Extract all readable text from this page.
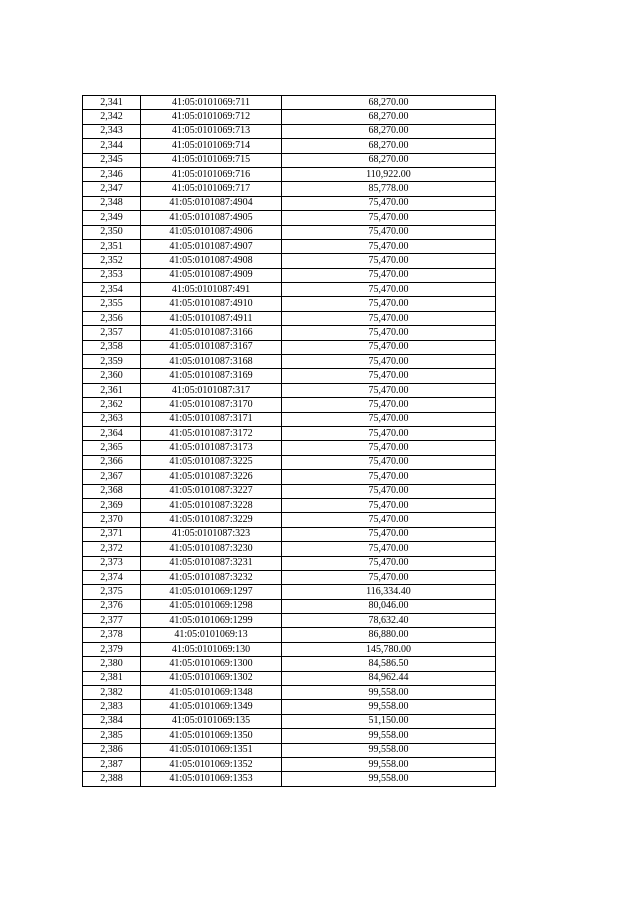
2,341	41:05:0101069:711	68,270.00
2,342	41:05:0101069:712	68,270.00
2,343	41:05:0101069:713	68,270.00
2,344	41:05:0101069:714	68,270.00
2,345	41:05:0101069:715	68,270.00
2,346	41:05:0101069:716	110,922.00
2,347	41:05:0101069:717	85,778.00
2,348	41:05:0101087:4904	75,470.00
2,349	41:05:0101087:4905	75,470.00
2,350	41:05:0101087:4906	75,470.00
2,351	41:05:0101087:4907	75,470.00
2,352	41:05:0101087:4908	75,470.00
2,353	41:05:0101087:4909	75,470.00
2,354	41:05:0101087:491	75,470.00
2,355	41:05:0101087:4910	75,470.00
2,356	41:05:0101087:4911	75,470.00
2,357	41:05:0101087:3166	75,470.00
2,358	41:05:0101087:3167	75,470.00
2,359	41:05:0101087:3168	75,470.00
2,360	41:05:0101087:3169	75,470.00
2,361	41:05:0101087:317	75,470.00
2,362	41:05:0101087:3170	75,470.00
2,363	41:05:0101087:3171	75,470.00
2,364	41:05:0101087:3172	75,470.00
2,365	41:05:0101087:3173	75,470.00
2,366	41:05:0101087:3225	75,470.00
2,367	41:05:0101087:3226	75,470.00
2,368	41:05:0101087:3227	75,470.00
2,369	41:05:0101087:3228	75,470.00
2,370	41:05:0101087:3229	75,470.00
2,371	41:05:0101087:323	75,470.00
2,372	41:05:0101087:3230	75,470.00
2,373	41:05:0101087:3231	75,470.00
2,374	41:05:0101087:3232	75,470.00
2,375	41:05:0101069:1297	116,334.40
2,376	41:05:0101069:1298	80,046.00
2,377	41:05:0101069:1299	78,632.40
2,378	41:05:0101069:13	86,880.00
2,379	41:05:0101069:130	145,780.00
2,380	41:05:0101069:1300	84,586.50
2,381	41:05:0101069:1302	84,962.44
2,382	41:05:0101069:1348	99,558.00
2,383	41:05:0101069:1349	99,558.00
2,384	41:05:0101069:135	51,150.00
2,385	41:05:0101069:1350	99,558.00
2,386	41:05:0101069:1351	99,558.00
2,387	41:05:0101069:1352	99,558.00
2,388	41:05:0101069:1353	99,558.00
